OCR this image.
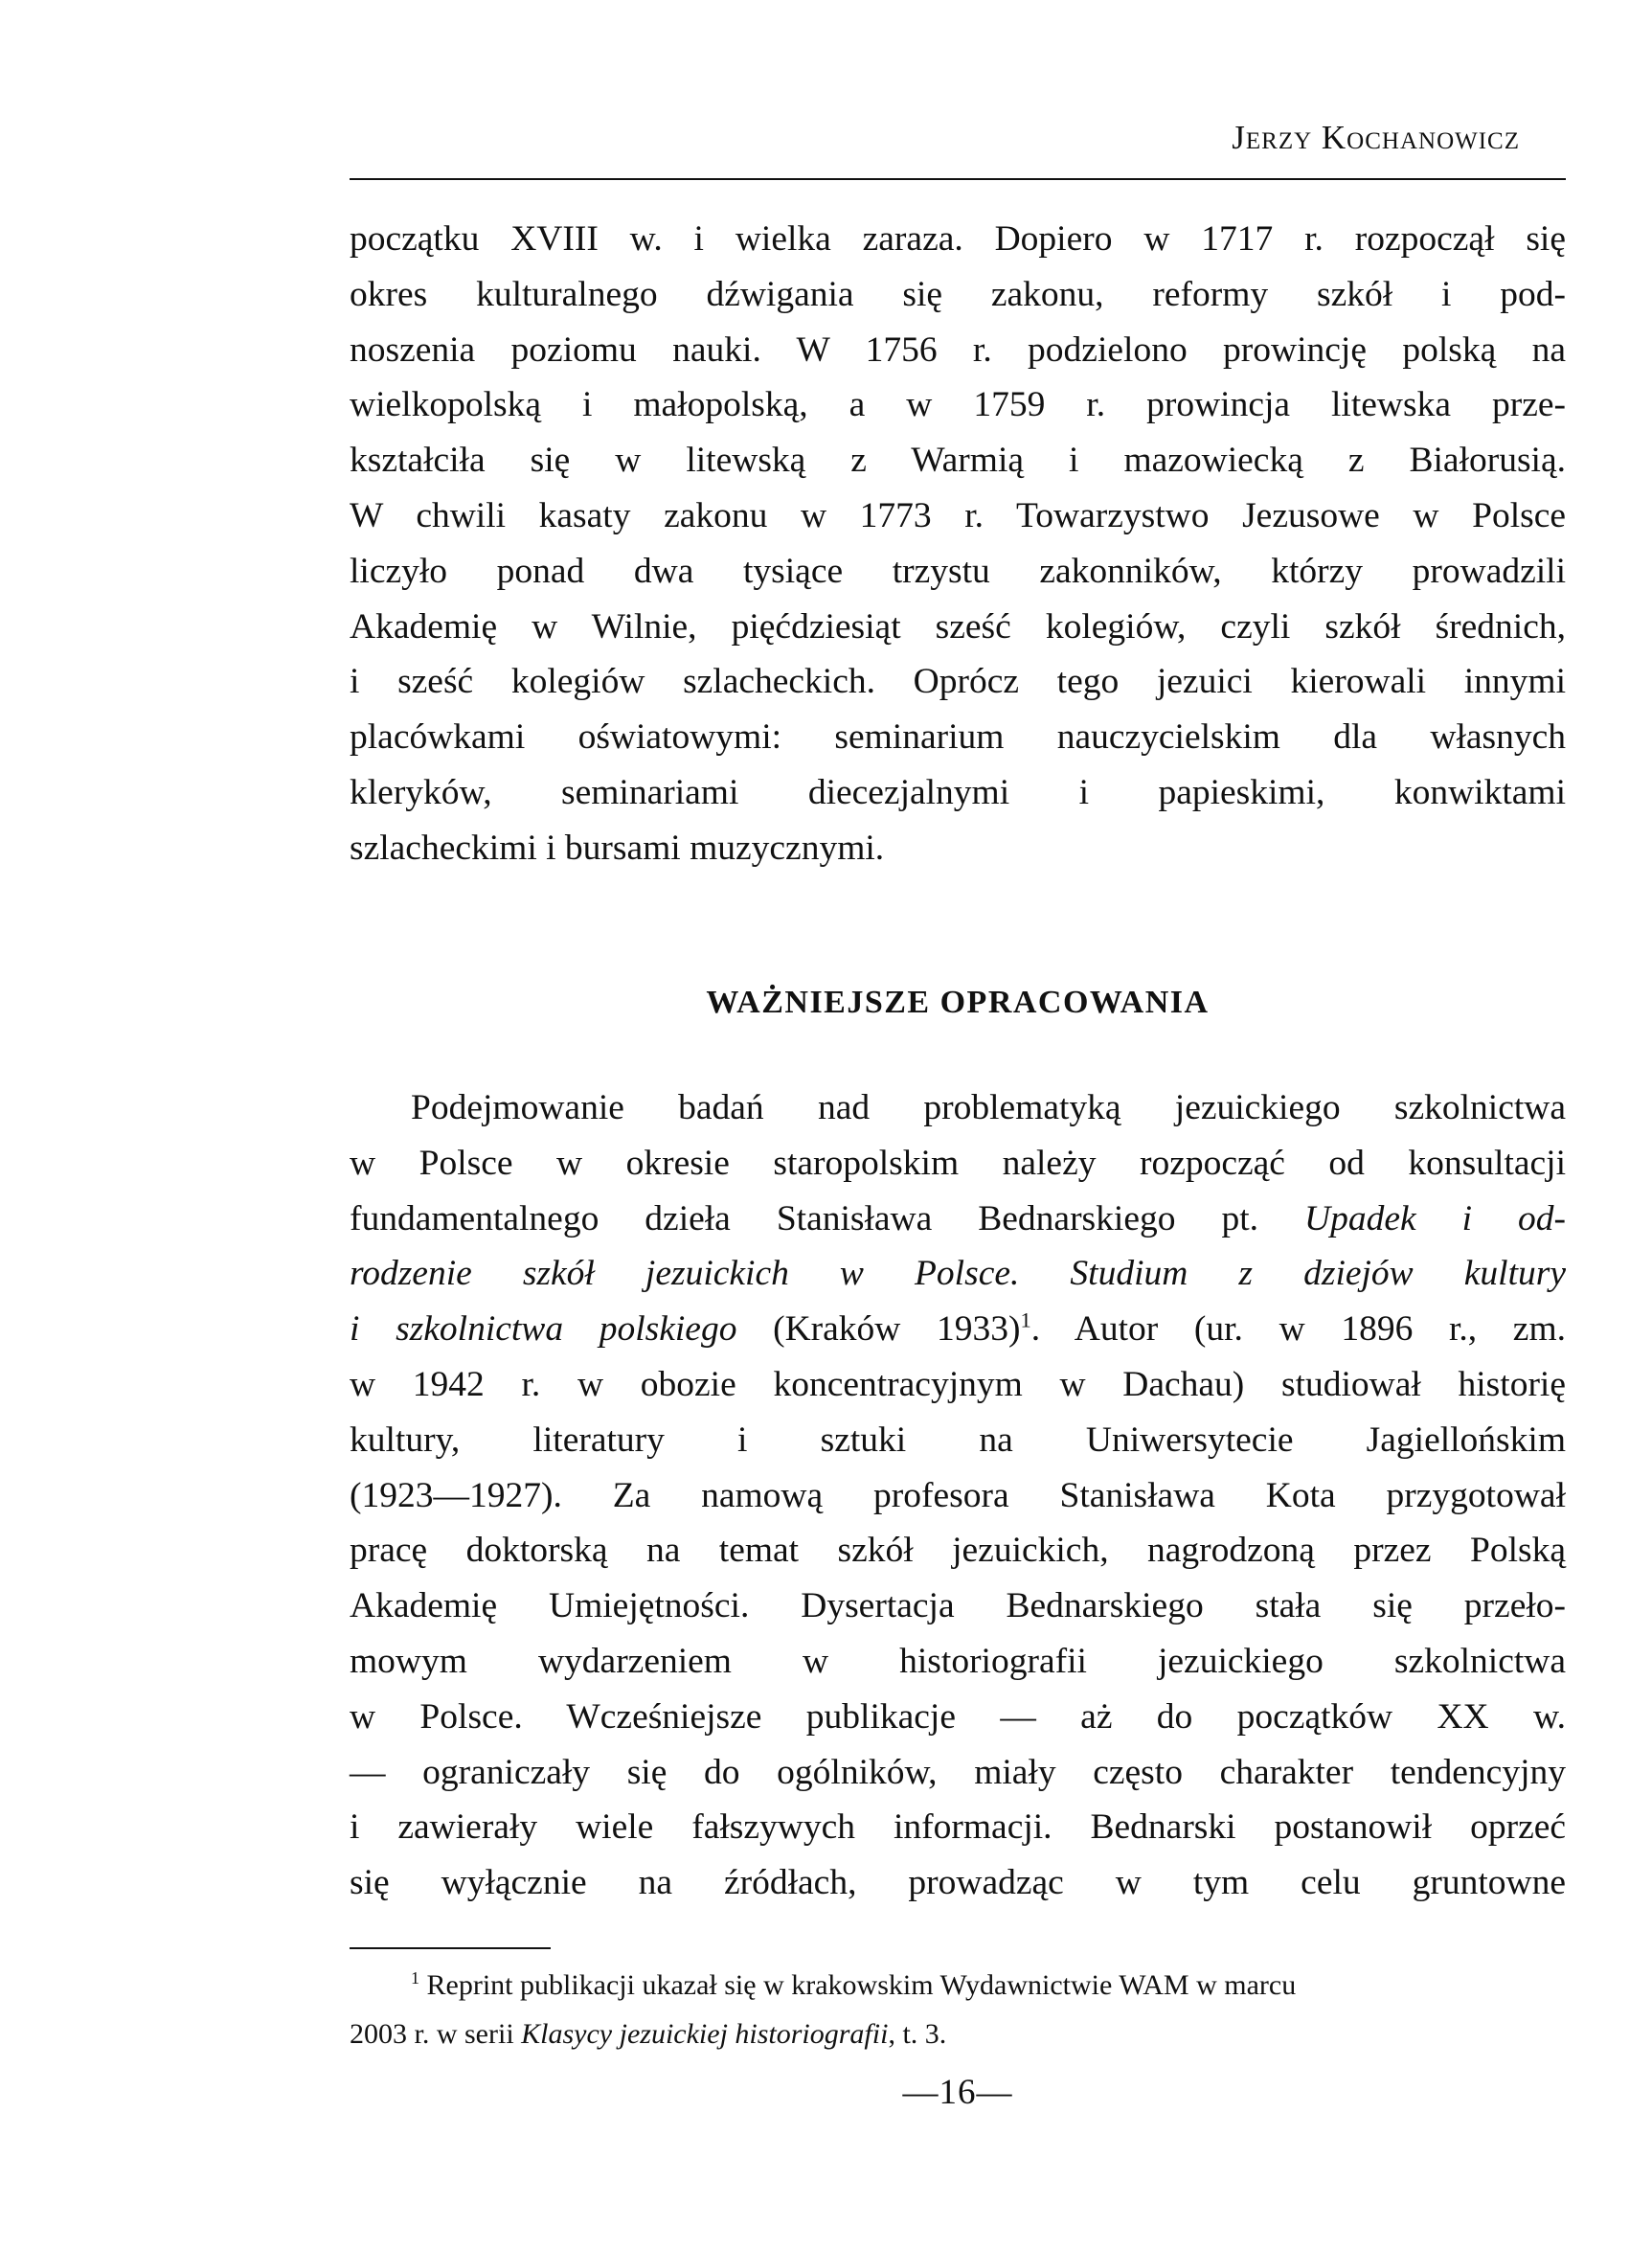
Jerzy Kochanowicz

początku XVIII w. i wielka zaraza. Dopiero w 1717 r. rozpoczął się
okres kulturalnego dźwigania się zakonu, reformy szkół i pod-
noszenia poziomu nauki. W 1756 r. podzielono prowincję polską na
wielkopolską i małopolską, a w 1759 r. prowincja litewska prze-
kształciła się w litewską z Warmią i mazowiecką z Białorusią.
W chwili kasaty zakonu w 1773 r. Towarzystwo Jezusowe w Polsce
liczyło ponad dwa tysiące trzystu zakonników, którzy prowadzili
Akademię w Wilnie, pięćdziesiąt sześć kolegiów, czyli szkół średnich,
i sześć kolegiów szlacheckich. Oprócz tego jezuici kierowali innymi
placówkami oświatowymi: seminarium nauczycielskim dla własnych
kleryków, seminariami diecezjalnymi i papieskimi, konwiktami
szlacheckimi i bursami muzycznymi.

WAŻNIEJSZE OPRACOWANIA

Podejmowanie badań nad problematyką jezuickiego szkolnictwa
w Polsce w okresie staropolskim należy rozpocząć od konsultacji
fundamentalnego dzieła Stanisława Bednarskiego pt. Upadek i od-
rodzenie szkół jezuickich w Polsce. Studium z dziejów kultury
i szkolnictwa polskiego (Kraków 1933)$^1$. Autor (ur. w 1896 r., zm.
w 1942 r. w obozie koncentracyjnym w Dachau) studiował historię
kultury, literatury i sztuki na Uniwersytecie Jagiellońskim
(1923—1927). Za namową profesora Stanisława Kota przygotował
pracę doktorską na temat szkół jezuickich, nagrodzoną przez Polską
Akademię Umiejętności. Dysertacja Bednarskiego stała się przeło-
mowym wydarzeniem w historiografii jezuickiego szkolnictwa
w Polsce. Wcześniejsze publikacje — aż do początków XX w.
— ograniczały się do ogólników, miały często charakter tendencyjny
i zawierały wiele fałszywych informacji. Bednarski postanowił oprzeć
się wyłącznie na źródłach, prowadząc w tym celu gruntowne

$^1$ Reprint publikacji ukazał się w krakowskim Wydawnictwie WAM w marcu
2003 r. w serii Klasycy jezuickiej historiografii, t. 3.

—16—
